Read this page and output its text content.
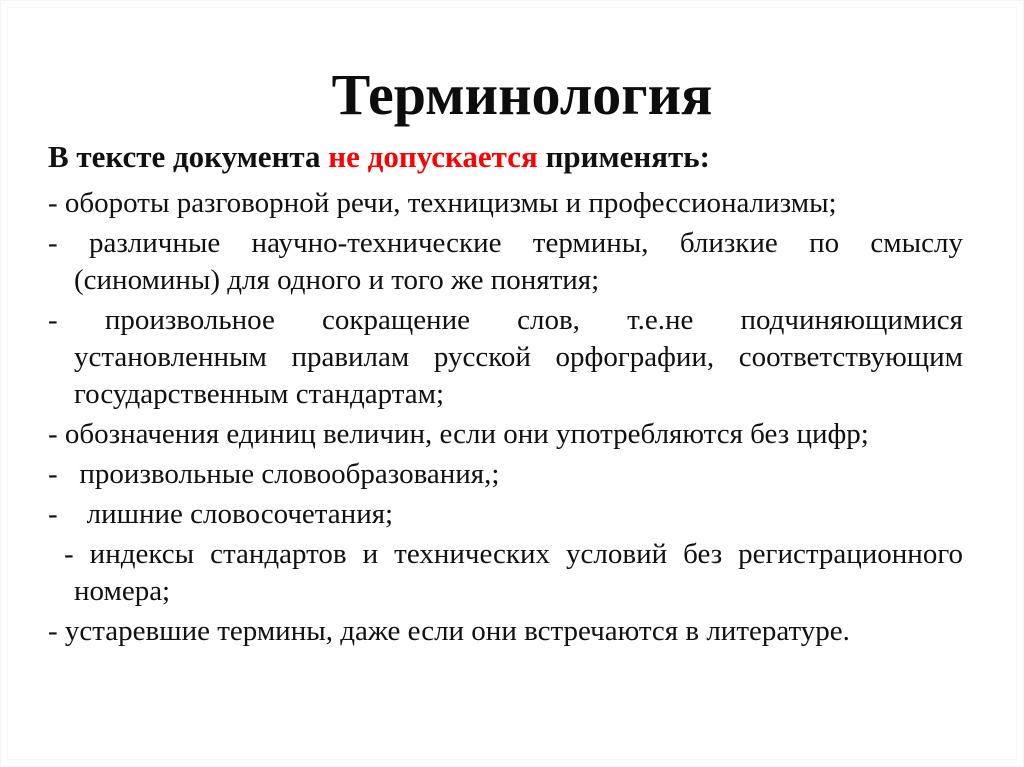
Терминология

В тексте документа не допускается применять:

- обороты разговорной речи, техницизмы и профессионализмы;

- различные научно-технические термины, близкие по смыслу
(синомины) для одного и того же понятия;

- произвольное сокращение слов, т.е.не подчиняющимися
установленным правилам русской орфографии, соответствующим
государственным стандартам;

- обозначения единиц величин, если они употребляются без цифр;

-   произвольные словообразования,;

-    лишние словосочетания;

- индексы стандартов и технических условий без регистрационного
номера;

- устаревшие термины, даже если они встречаются в литературе.
